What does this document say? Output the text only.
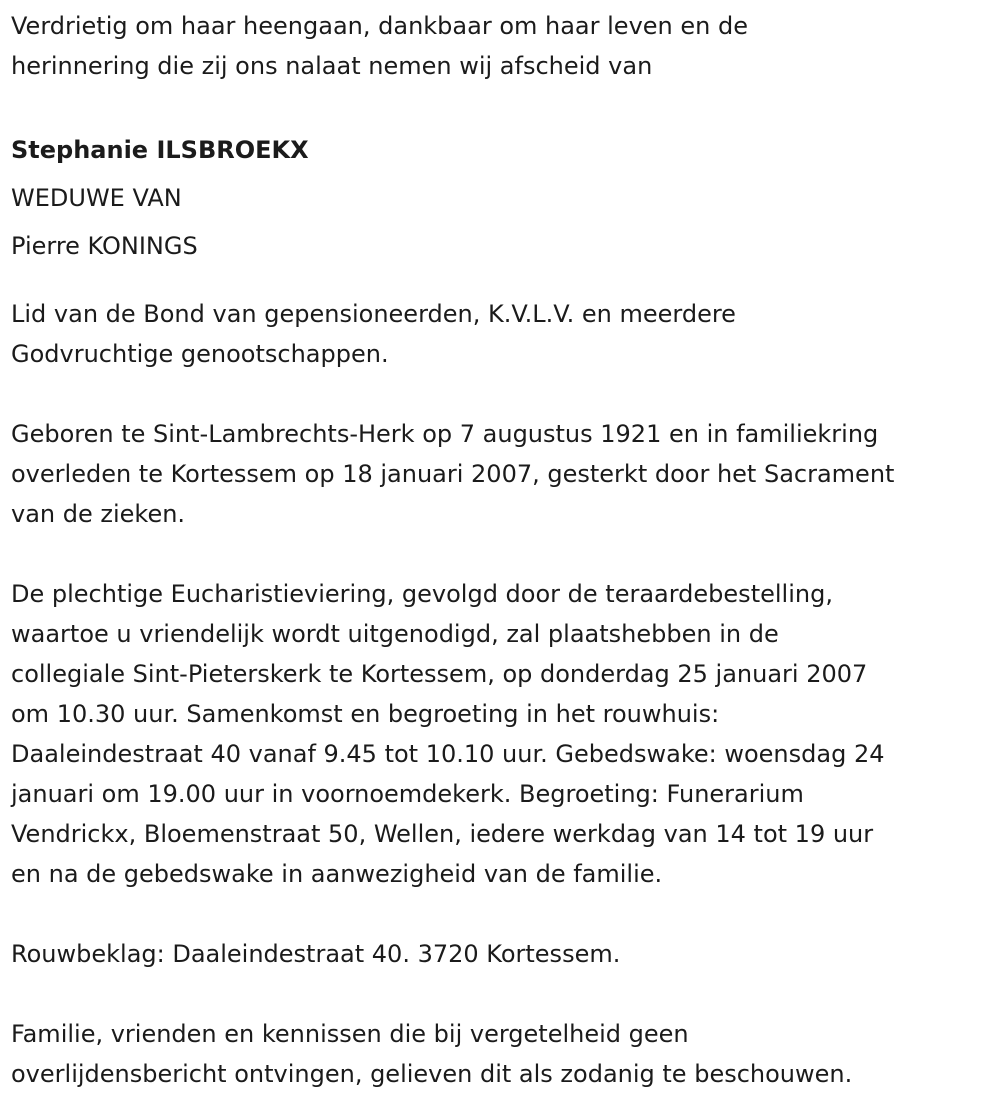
Verdrietig om haar heengaan, dankbaar om haar leven en de
herinnering die zij ons nalaat nemen wij afscheid van
Stephanie ILSBROEKX
WEDUWE VAN
Pierre KONINGS
Lid van de Bond van gepensioneerden, K.V.L.V. en meerdere
Godvruchtige genootschappen.
Geboren te Sint-Lambrechts-Herk op 7 augustus 1921 en in familiekring
overleden te Kortessem op 18 januari 2007, gesterkt door het Sacrament
van de zieken.
De plechtige Eucharistieviering, gevolgd door de teraardebestelling,
waartoe u vriendelijk wordt uitgenodigd, zal plaatshebben in de
collegiale Sint-Pieterskerk te Kortessem, op donderdag 25 januari 2007
om 10.30 uur. Samenkomst en begroeting in het rouwhuis:
Daaleindestraat 40 vanaf 9.45 tot 10.10 uur. Gebedswake: woensdag 24
januari om 19.00 uur in voornoemdekerk. Begroeting: Funerarium
Vendrickx, Bloemenstraat 50, Wellen, iedere werkdag van 14 tot 19 uur
en na de gebedswake in aanwezigheid van de familie.
Rouwbeklag: Daaleindestraat 40. 3720 Kortessem.
Familie, vrienden en kennissen die bij vergetelheid geen
overlijdensbericht ontvingen, gelieven dit als zodanig te beschouwen.
